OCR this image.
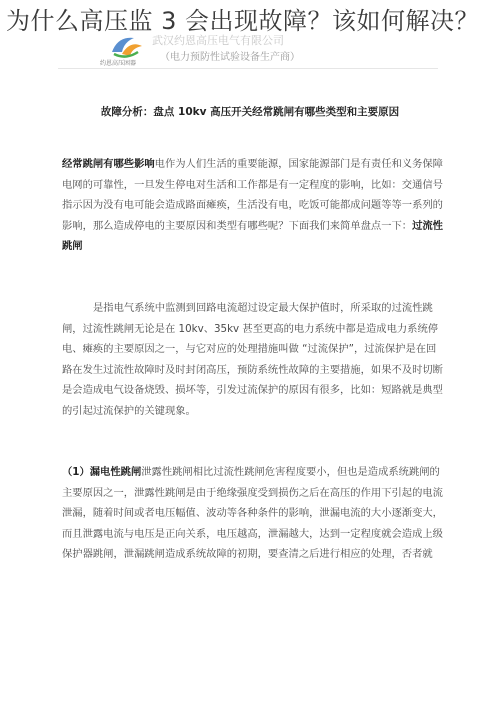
为什么高压监 3 会出现故障？该如何解决？
约恩高压困器
武汉约恩高压电气有限公司
（电力预防性试验设备生产商）
故障分析：盘点 10kv 高压开关经常跳闸有哪些类型和主要原因

经常跳闸有哪些影响电作为人们生活的重要能源，国家能源部门是有责任和义务保障电网的可靠性，一旦发生停电对生活和工作都是有一定程度的影响，比如：交通信号指示因为没有电可能会造成路面瘫痪，生活没有电，吃饭可能都成问题等等一系列的影响，那么造成停电的主要原因和类型有哪些呢？下面我们来简单盘点一下：过流性跳闸

是指电气系统中监测到回路电流超过设定最大保护值时，所采取的过流性跳闸，过流性跳闸无论是在 10kv、35kv 甚至更高的电力系统中都是造成电力系统停电、瘫痪的主要原因之一，与它对应的处理措施叫做 “过流保护”，过流保护是在回路在发生过流性故障时及时封闭高压，预防系统性故障的主要措施，如果不及时切断是会造成电气设备烧毁、损坏等，引发过流保护的原因有很多，比如：短路就是典型的引起过流保护的关键现象。

（1）漏电性跳闸泄露性跳闸相比过流性跳闸危害程度要小，但也是造成系统跳闸的主要原因之一，泄露性跳闸是由于绝缘强度受到损伤之后在高压的作用下引起的电流泄漏，随着时间或者电压幅值、波动等各种条件的影响，泄漏电流的大小逐渐变大，而且泄露电流与电压是正向关系，电压越高，泄漏越大，达到一定程度就会造成上级保护器跳闸，泄漏跳闸造成系统故障的初期，要查清之后进行相应的处理，否者就
